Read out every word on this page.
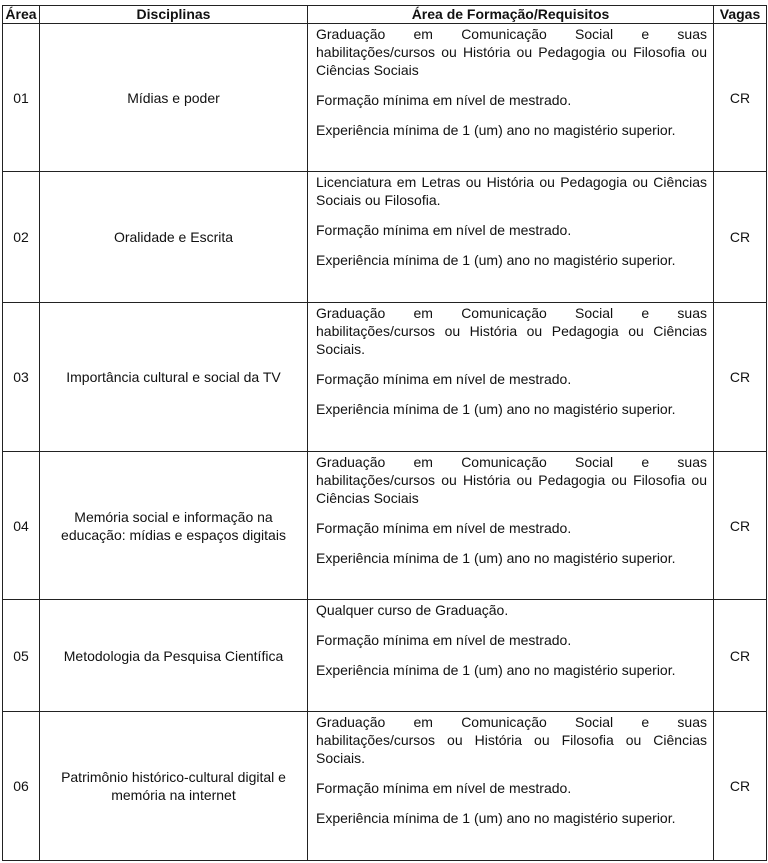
Área	Disciplinas	Área de Formação/Requisitos	Vagas
01	Mídias e poder	Graduação em Comunicação Social e suas habilitações/cursos ou História ou Pedagogia ou Filosofia ou Ciências Sociais

Formação mínima em nível de mestrado.

Experiência mínima de 1 (um) ano no magistério superior.	CR
02	Oralidade e Escrita	Licenciatura em Letras ou História ou Pedagogia ou Ciências Sociais ou Filosofia.

Formação mínima em nível de mestrado.

Experiência mínima de 1 (um) ano no magistério superior.	CR
03	Importância cultural e social da TV	Graduação em Comunicação Social e suas habilitações/cursos ou História ou Pedagogia ou Ciências Sociais.

Formação mínima em nível de mestrado.

Experiência mínima de 1 (um) ano no magistério superior.	CR
04	Memória social e informação na educação: mídias e espaços digitais	Graduação em Comunicação Social e suas habilitações/cursos ou História ou Pedagogia ou Filosofia ou Ciências Sociais

Formação mínima em nível de mestrado.

Experiência mínima de 1 (um) ano no magistério superior.	CR
05	Metodologia da Pesquisa Científica	Qualquer curso de Graduação.

Formação mínima em nível de mestrado.

Experiência mínima de 1 (um) ano no magistério superior.	CR
06	Patrimônio histórico-cultural digital e memória na internet	Graduação em Comunicação Social e suas habilitações/cursos ou História ou Filosofia ou Ciências Sociais.

Formação mínima em nível de mestrado.

Experiência mínima de 1 (um) ano no magistério superior.	CR
